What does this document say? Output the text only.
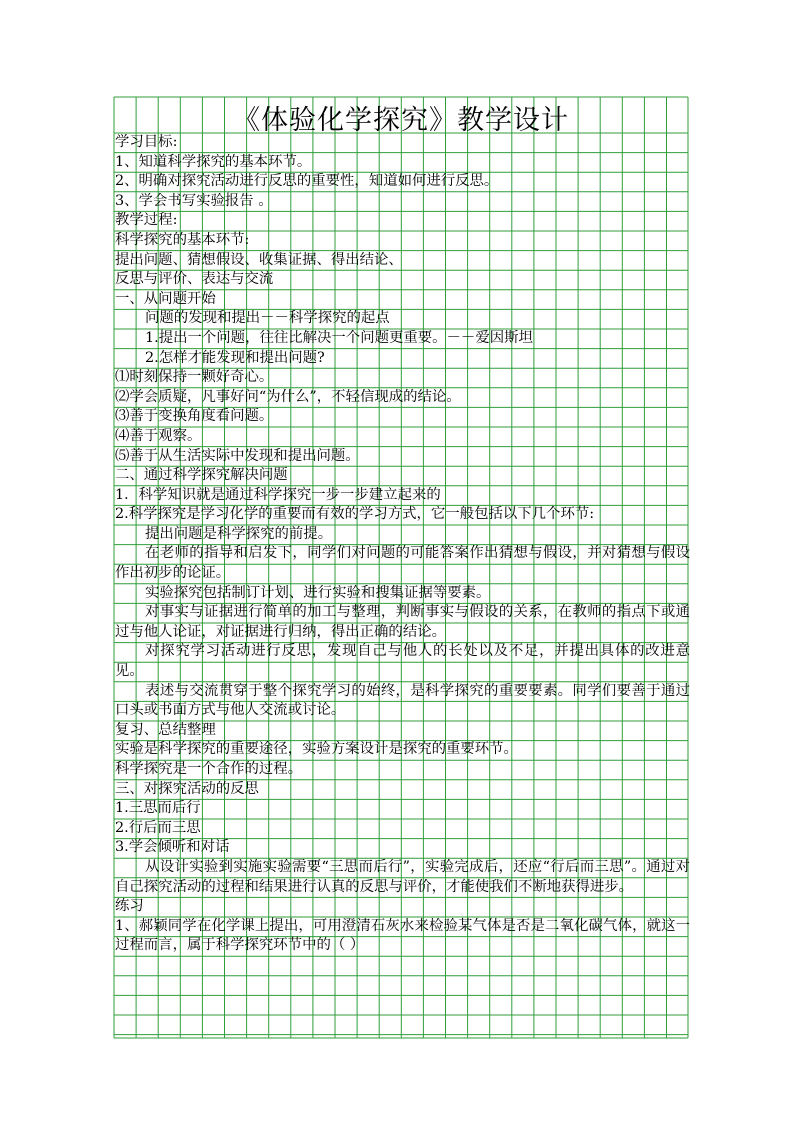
《体验化学探究》教学设计

学习目标:

1、知道科学探究的基本环节。

2、明确对探究活动进行反思的重要性，知道如何进行反思。

3、学会书写实验报告 。

教学过程:

科学探究的基本环节:

提出问题、猜想假设、收集证据、得出结论、

反思与评价、表达与交流

一、从问题开始

问题的发现和提出－－科学探究的起点

1.提出一个问题，往往比解决一个问题更重要。－－爱因斯坦

2.怎样才能发现和提出问题?

⑴时刻保持一颗好奇心。

⑵学会质疑，凡事好问“为什么”，不轻信现成的结论。

⑶善于变换角度看问题。

⑷善于观察。

⑸善于从生活实际中发现和提出问题。

二、通过科学探究解决问题

1．科学知识就是通过科学探究一步一步建立起来的

2.科学探究是学习化学的重要而有效的学习方式，它一般包括以下几个环节:

提出问题是科学探究的前提。

在老师的指导和启发下，同学们对问题的可能答案作出猜想与假设，并对猜想与假设作出初步的论证。

实验探究包括制订计划、进行实验和搜集证据等要素。

对事实与证据进行简单的加工与整理，判断事实与假设的关系，在教师的指点下或通过与他人论证，对证据进行归纳，得出正确的结论。

对探究学习活动进行反思，发现自己与他人的长处以及不足，并提出具体的改进意见。

表述与交流贯穿于整个探究学习的始终，是科学探究的重要要素。同学们要善于通过口头或书面方式与他人交流或讨论。

复习、总结整理

实验是科学探究的重要途径，实验方案设计是探究的重要环节。

科学探究是一个合作的过程。

三、对探究活动的反思

1.三思而后行

2.行后而三思

3.学会倾听和对话

从设计实验到实施实验需要“三思而后行”，实验完成后，还应“行后而三思”。通过对自己探究活动的过程和结果进行认真的反思与评价，才能使我们不断地获得进步。

练习

1、郝颖同学在化学课上提出，可用澄清石灰水来检验某气体是否是二氧化碳气体，就这一过程而言，属于科学探究环节中的（ ）
